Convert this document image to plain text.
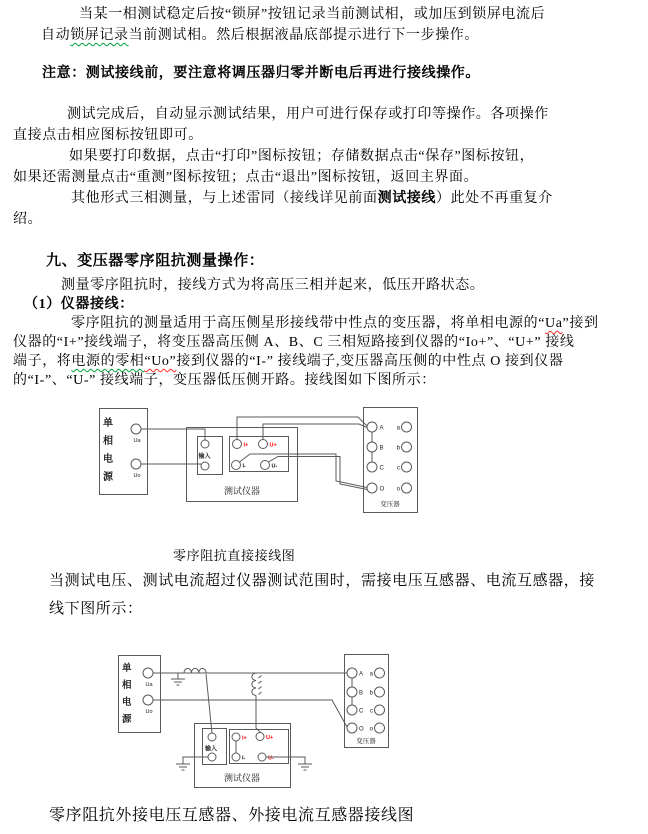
当某一相测试稳定后按“锁屏”按钮记录当前测试相，或加压到锁屏电流后
自动锁屏记录当前测试相。然后根据液晶底部提示进行下一步操作。
注意：测试接线前，要注意将调压器归零并断电后再进行接线操作。
测试完成后，自动显示测试结果，用户可进行保存或打印等操作。各项操作
直接点击相应图标按钮即可。
如果要打印数据，点击“打印”图标按钮；存储数据点击“保存”图标按钮，
如果还需测量点击“重测”图标按钮；点击“退出”图标按钮，返回主界面。
其他形式三相测量，与上述雷同（接线详见前面测试接线）此处不再重复介
绍。
九、变压器零序阻抗测量操作：
测量零序阻抗时，接线方式为将高压三相并起来，低压开路状态。
（1）仪器接线：
零序阻抗的测量适用于高压侧星形接线带中性点的变压器，将单相电源的“Ua”接到
仪器的“I+”接线端子，将变压器高压侧 A、B、C 三相短路接到仪器的“Io+”、“U+” 接线
端子，将电源的零相“Uo”接到仪器的“I-” 接线端子,变压器高压侧的中性点 O 接到仪器
的“I-”、“U-” 接线端子，变压器低压侧开路。接线图如下图所示：
单
相
电
源
Ua
Uo
输入
I+	U+
I-	U-
测试仪器
A
B
C
O
a
b
c
o
变压器
零序阻抗直接接线图
当测试电压、测试电流超过仪器测试范围时，需接电压互感器、电流互感器，接
线下图所示：
单
相
电
源
Ua
Uo
输入
I+	U+
I-	U-
测试仪器
A
B
C
O
a
b
c
o
变压器
零序阻抗外接电压互感器、外接电流互感器接线图
